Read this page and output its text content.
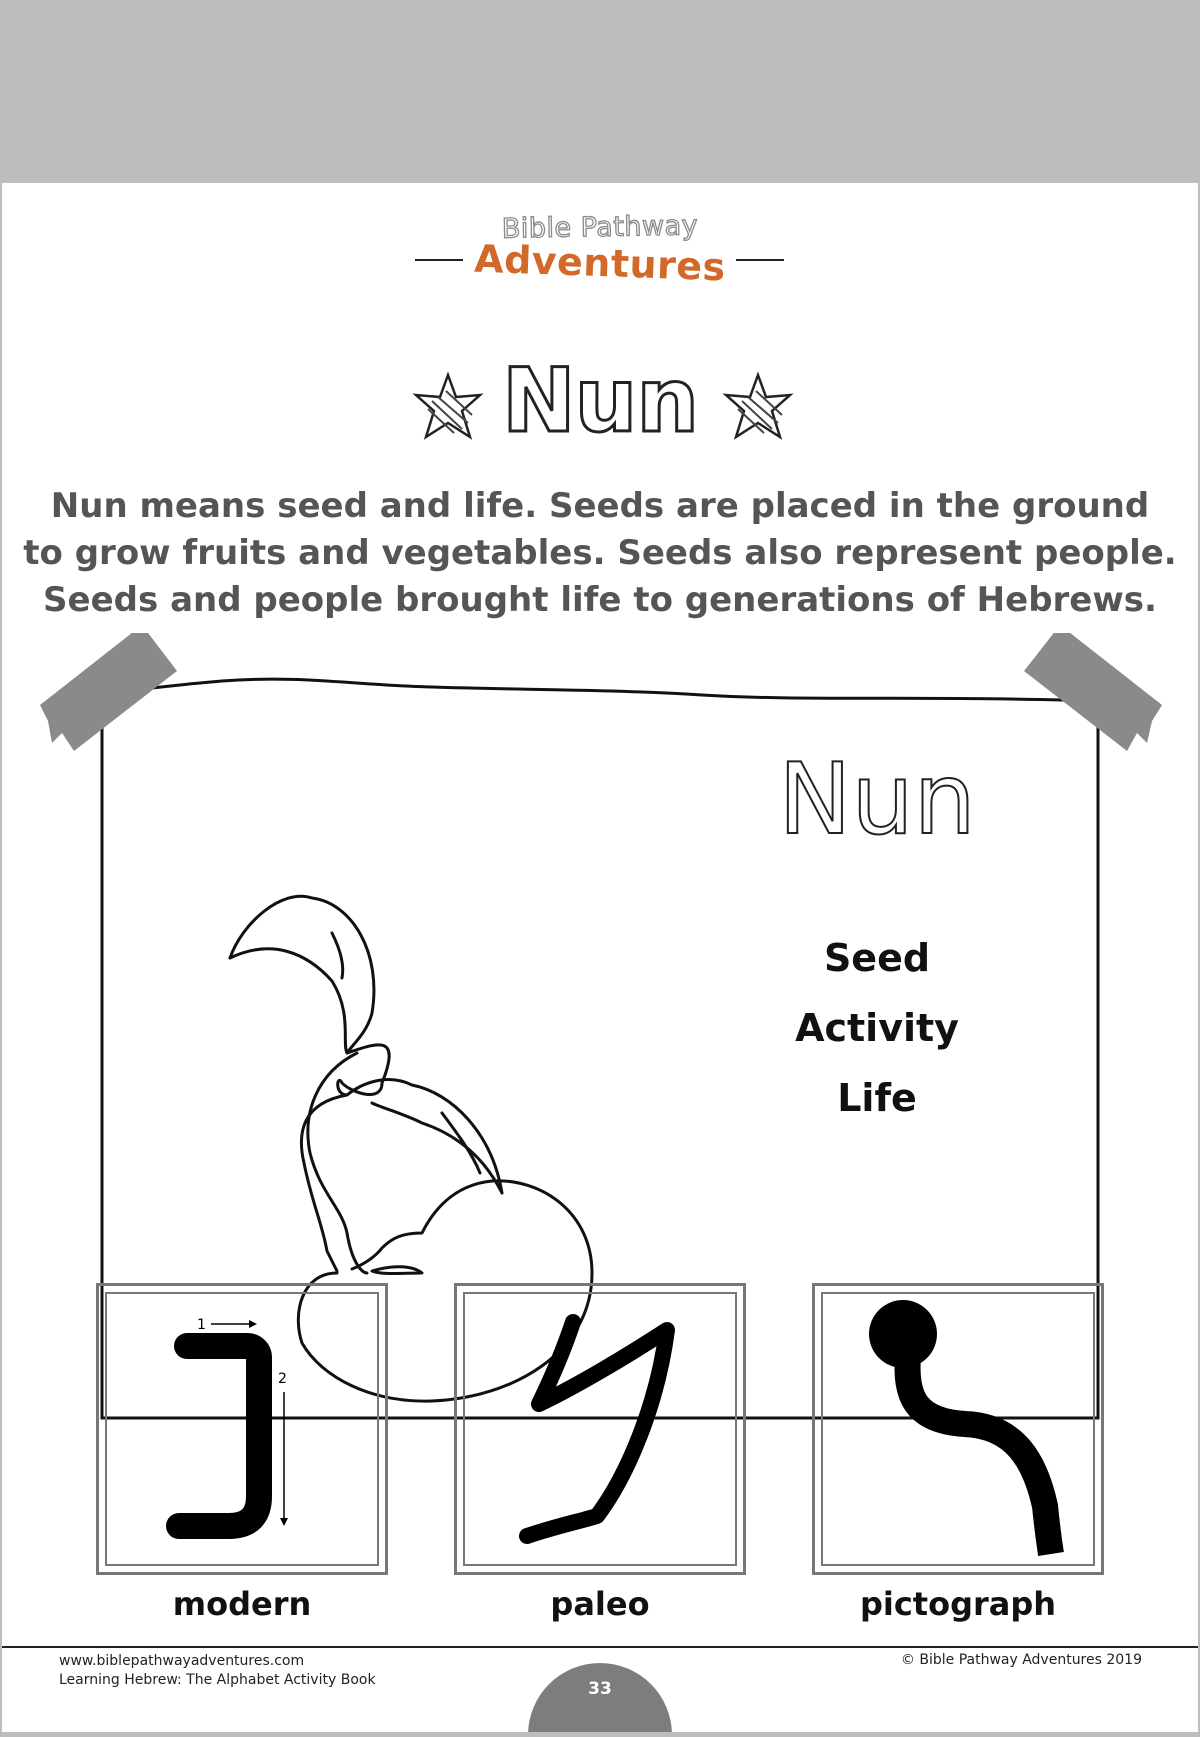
Bible Pathway
Adventures
Nun
Nun means seed and life. Seeds are placed in the ground
to grow fruits and vegetables. Seeds also represent people.
Seeds and people brought life to generations of Hebrews.
Nun
Seed
Activity
Life
1
2
modern	paleo	pictograph
www.biblepathwayadventures.com
Learning Hebrew: The Alphabet Activity Book
© Bible Pathway Adventures 2019
33
